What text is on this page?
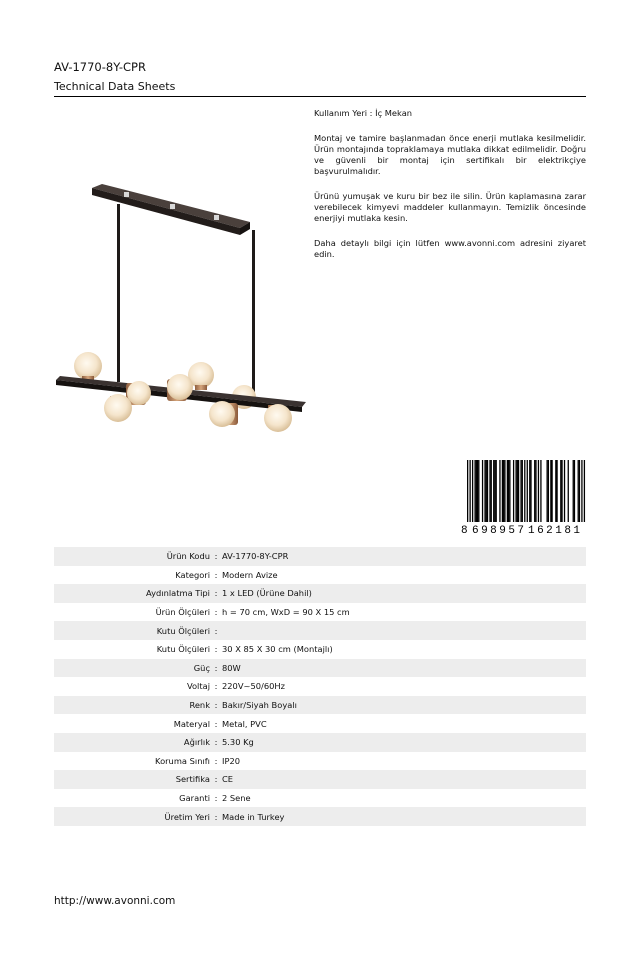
AV-1770-8Y-CPR
Technical Data Sheets

Kullanım Yeri : İç Mekan

Montaj ve tamire başlanmadan önce enerji mutlaka kesilmelidir. Ürün montajında topraklamaya mutlaka dikkat edilmelidir. Doğru ve güvenli bir montaj için sertifikalı bir elektrikçiye başvurulmalıdır.

Ürünü yumuşak ve kuru bir bez ile silin. Ürün kaplamasına zarar verebilecek kimyevi maddeler kullanmayın. Temizlik öncesinde enerjiyi mutlaka kesin.

Daha detaylı bilgi için lütfen www.avonni.com adresini ziyaret edin.

8 698957 162181
Ürün Kodu : AV-1770-8Y-CPR
Kategori : Modern Avize
Aydınlatma Tipi : 1 x LED (Ürüne Dahil)
Ürün Ölçüleri : h = 70 cm, WxD = 90 X 15 cm
Kutu Ölçüleri :
Kutu Ölçüleri : 30 X 85 X 30 cm (Montajlı)
Güç : 80W
Voltaj : 220V~50/60Hz
Renk : Bakır/Siyah Boyalı
Materyal : Metal, PVC
Ağırlık : 5.30 Kg
Koruma Sınıfı : IP20
Sertifika : CE
Garanti : 2 Sene
Üretim Yeri : Made in Turkey
http://www.avonni.com
